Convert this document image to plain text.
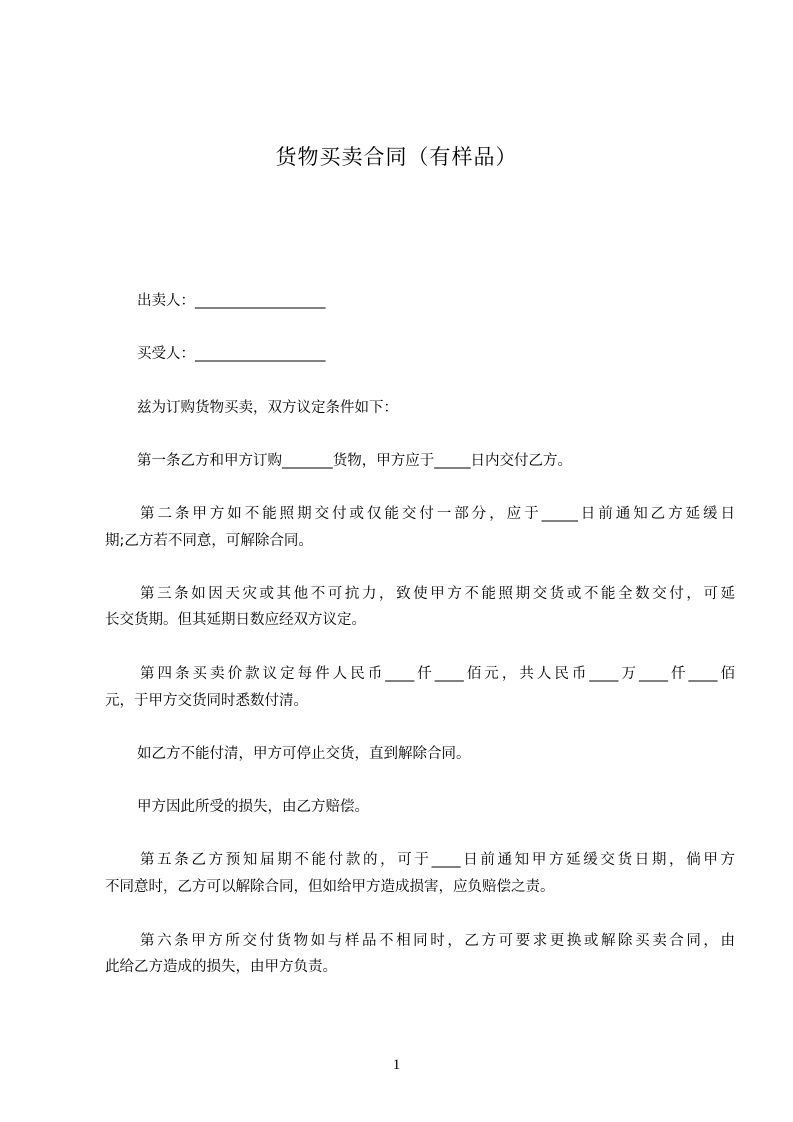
货物买卖合同（有样品）
出卖人：__________________
买受人：__________________
兹为订购货物买卖，双方议定条件如下：
第一条乙方和甲方订购_______货物，甲方应于_____日内交付乙方。
第二条甲方如不能照期交付或仅能交付一部分，应于_____日前通知乙方延缓日
期;乙方若不同意，可解除合同。
第三条如因天灾或其他不可抗力，致使甲方不能照期交货或不能全数交付，可延
长交货期。但其延期日数应经双方议定。
第四条买卖价款议定每件人民币____仟____佰元，共人民币____万____仟____佰
元，于甲方交货同时悉数付清。
如乙方不能付清，甲方可停止交货，直到解除合同。
甲方因此所受的损失，由乙方赔偿。
第五条乙方预知届期不能付款的，可于____日前通知甲方延缓交货日期，倘甲方
不同意时，乙方可以解除合同，但如给甲方造成损害，应负赔偿之责。
第六条甲方所交付货物如与样品不相同时，乙方可要求更换或解除买卖合同，由
此给乙方造成的损失，由甲方负责。
1
